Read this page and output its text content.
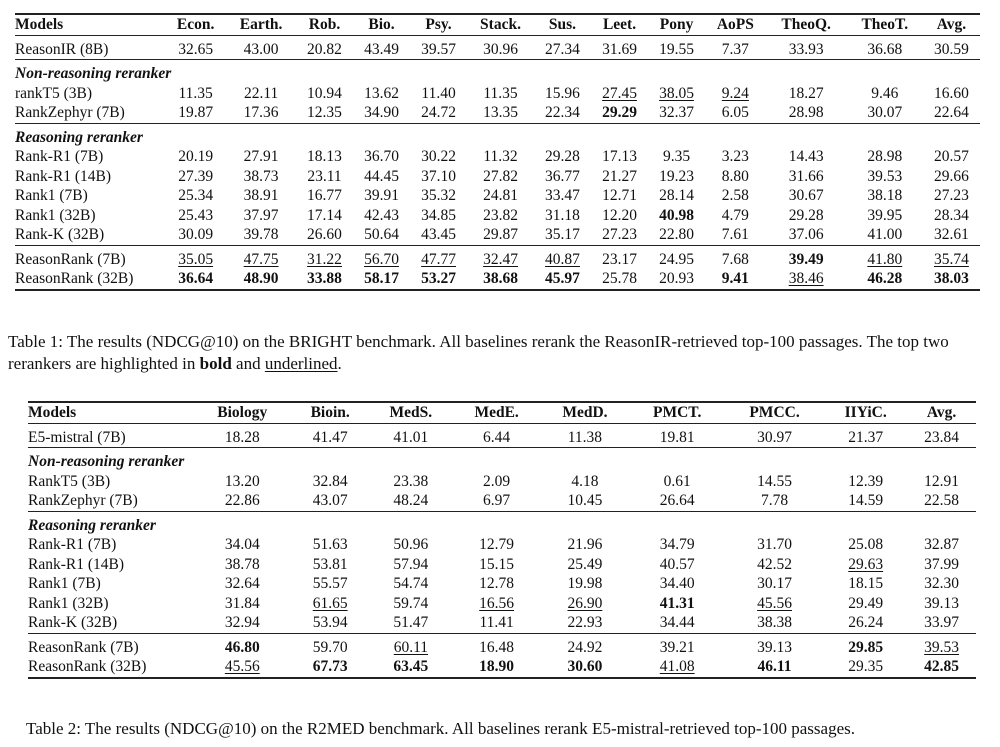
Models	Econ.	Earth.	Rob.	Bio.	Psy.	Stack.	Sus.	Leet.	Pony	AoPS	TheoQ.	TheoT.	Avg.
ReasonIR (8B)	32.65	43.00	20.82	43.49	39.57	30.96	27.34	31.69	19.55	7.37	33.93	36.68	30.59
Non-reasoning reranker													
rankT5 (3B)	11.35	22.11	10.94	13.62	11.40	11.35	15.96	27.45	38.05	9.24	18.27	9.46	16.60
RankZephyr (7B)	19.87	17.36	12.35	34.90	24.72	13.35	22.34	29.29	32.37	6.05	28.98	30.07	22.64
Reasoning reranker													
Rank-R1 (7B)	20.19	27.91	18.13	36.70	30.22	11.32	29.28	17.13	9.35	3.23	14.43	28.98	20.57
Rank-R1 (14B)	27.39	38.73	23.11	44.45	37.10	27.82	36.77	21.27	19.23	8.80	31.66	39.53	29.66
Rank1 (7B)	25.34	38.91	16.77	39.91	35.32	24.81	33.47	12.71	28.14	2.58	30.67	38.18	27.23
Rank1 (32B)	25.43	37.97	17.14	42.43	34.85	23.82	31.18	12.20	40.98	4.79	29.28	39.95	28.34
Rank-K (32B)	30.09	39.78	26.60	50.64	43.45	29.87	35.17	27.23	22.80	7.61	37.06	41.00	32.61
ReasonRank (7B)	35.05	47.75	31.22	56.70	47.77	32.47	40.87	23.17	24.95	7.68	39.49	41.80	35.74
ReasonRank (32B)	36.64	48.90	33.88	58.17	53.27	38.68	45.97	25.78	20.93	9.41	38.46	46.28	38.03
Table 1: The results (NDCG@10) on the BRIGHT benchmark. All baselines rerank the ReasonIR-retrieved top-100 passages. The top two rerankers are highlighted in bold and underlined.
Models	Biology	Bioin.	MedS.	MedE.	MedD.	PMCT.	PMCC.	IIYiC.	Avg.
E5-mistral (7B)	18.28	41.47	41.01	6.44	11.38	19.81	30.97	21.37	23.84
Non-reasoning reranker									
RankT5 (3B)	13.20	32.84	23.38	2.09	4.18	0.61	14.55	12.39	12.91
RankZephyr (7B)	22.86	43.07	48.24	6.97	10.45	26.64	7.78	14.59	22.58
Reasoning reranker									
Rank-R1 (7B)	34.04	51.63	50.96	12.79	21.96	34.79	31.70	25.08	32.87
Rank-R1 (14B)	38.78	53.81	57.94	15.15	25.49	40.57	42.52	29.63	37.99
Rank1 (7B)	32.64	55.57	54.74	12.78	19.98	34.40	30.17	18.15	32.30
Rank1 (32B)	31.84	61.65	59.74	16.56	26.90	41.31	45.56	29.49	39.13
Rank-K (32B)	32.94	53.94	51.47	11.41	22.93	34.44	38.38	26.24	33.97
ReasonRank (7B)	46.80	59.70	60.11	16.48	24.92	39.21	39.13	29.85	39.53
ReasonRank (32B)	45.56	67.73	63.45	18.90	30.60	41.08	46.11	29.35	42.85
Table 2: The results (NDCG@10) on the R2MED benchmark. All baselines rerank E5-mistral-retrieved top-100 passages.
